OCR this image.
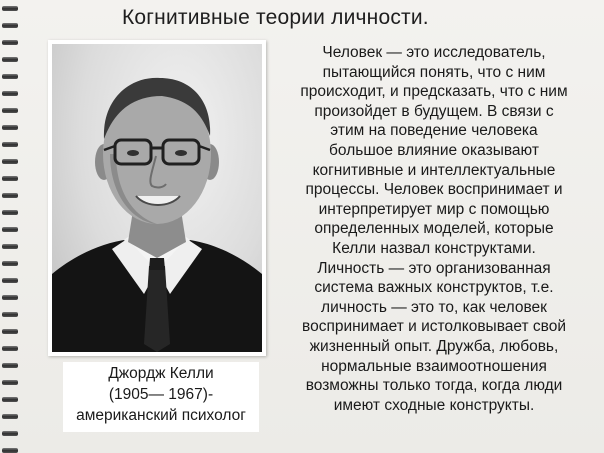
Когнитивные теории личности.
Джордж Келли
(1905— 1967)-
американский психолог
Человек — это исследователь,
пытающийся понять, что с ним
происходит, и предсказать, что с ним
произойдет в будущем. В связи с
этим на поведение человека
большое влияние оказывают
когнитивные и интеллектуальные
процессы. Человек воспринимает и
интерпретирует мир с помощью
определенных моделей, которые
Келли назвал конструктами.
Личность — это организованная
система важных конструктов, т.е.
личность — это то, как человек
воспринимает и истолковывает свой
жизненный опыт. Дружба, любовь,
нормальные взаимоотношения
возможны только тогда, когда люди
имеют сходные конструкты.
